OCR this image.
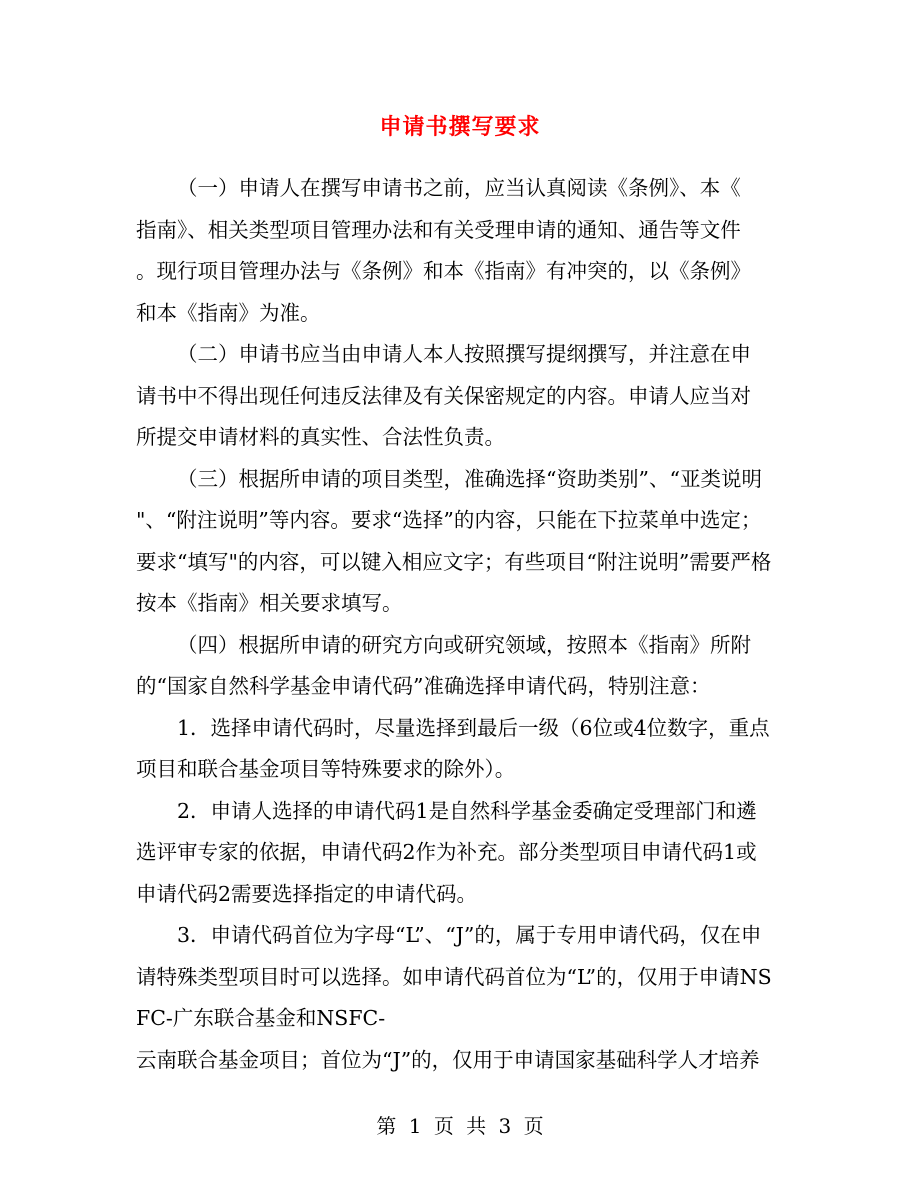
申请书撰写要求
（一）申请人在撰写申请书之前，应当认真阅读《条例》、本《
指南》、相关类型项目管理办法和有关受理申请的通知、通告等文件
。现行项目管理办法与《条例》和本《指南》有冲突的，以《条例》
和本《指南》为准。
（二）申请书应当由申请人本人按照撰写提纲撰写，并注意在申
请书中不得出现任何违反法律及有关保密规定的内容。申请人应当对
所提交申请材料的真实性、合法性负责。
（三）根据所申请的项目类型，准确选择“资助类别”、“亚类说明
"、“附注说明”等内容。要求“选择”的内容，只能在下拉菜单中选定；
要求“填写"的内容，可以键入相应文字；有些项目“附注说明”需要严格
按本《指南》相关要求填写。
（四）根据所申请的研究方向或研究领域，按照本《指南》所附
的“国家自然科学基金申请代码”准确选择申请代码，特别注意：
1．选择申请代码时，尽量选择到最后一级（6位或4位数字，重点
项目和联合基金项目等特殊要求的除外）。
2．申请人选择的申请代码1是自然科学基金委确定受理部门和遴
选评审专家的依据，申请代码2作为补充。部分类型项目申请代码1或
申请代码2需要选择指定的申请代码。
3．申请代码首位为字母“L”、“J”的，属于专用申请代码，仅在申
请特殊类型项目时可以选择。如申请代码首位为“L”的，仅用于申请NS
FC-广东联合基金和NSFC-
云南联合基金项目；首位为“J”的，仅用于申请国家基础科学人才培养
第 1 页 共 3 页
